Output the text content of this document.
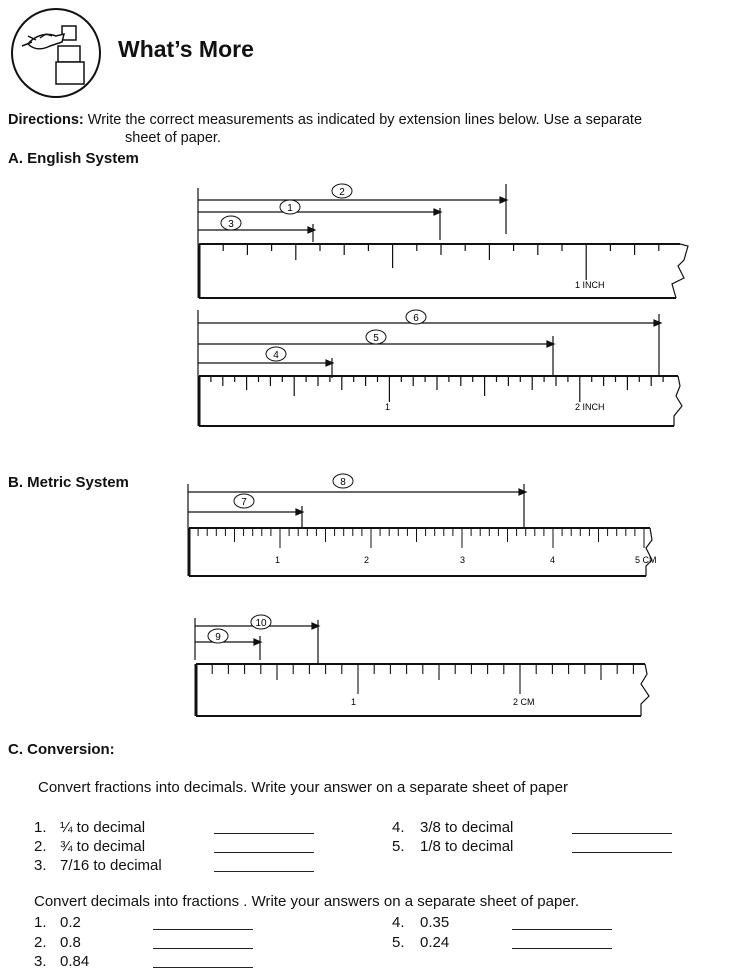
What’s More
Directions: Write the correct measurements as indicated by extension lines below. Use a separate
sheet of paper.
A. English System
2
1
3
1 INCH
6
5
4
1	2 INCH
B. Metric System	8
7
1	2	3	4	5 CM
10
9
1	2 CM
C. Conversion:
Convert fractions into decimals. Write your answer on a separate sheet of paper
1. ¼ to decimal
2. ¾ to decimal
3. 7/16 to decimal
4. 3/8 to decimal
5. 1/8 to decimal
Convert decimals into fractions . Write your answers on a separate sheet of paper.
1. 0.2
2. 0.8
3. 0.84
4. 0.35
5. 0.24
